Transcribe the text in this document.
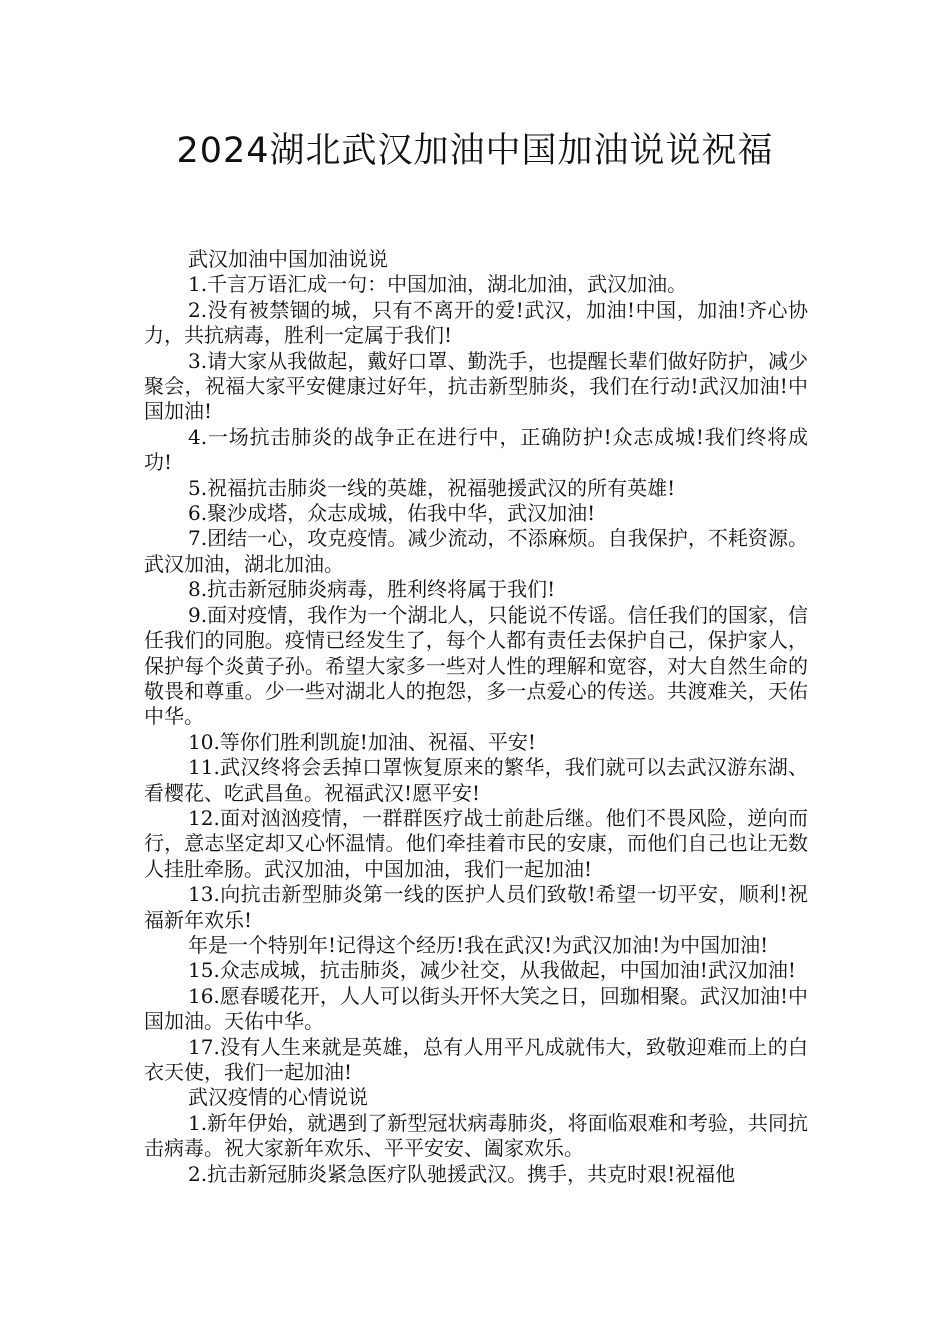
2024湖北武汉加油中国加油说说祝福

武汉加油中国加油说说

1.千言万语汇成一句：中国加油，湖北加油，武汉加油。

2.没有被禁锢的城，只有不离开的爱!武汉，加油!中国，加油!齐心协力，共抗病毒，胜利一定属于我们!

3.请大家从我做起，戴好口罩、勤洗手，也提醒长辈们做好防护，减少聚会，祝福大家平安健康过好年，抗击新型肺炎，我们在行动!武汉加油!中国加油!

4.一场抗击肺炎的战争正在进行中，正确防护!众志成城!我们终将成功!

5.祝福抗击肺炎一线的英雄，祝福驰援武汉的所有英雄!

6.聚沙成塔，众志成城，佑我中华，武汉加油!

7.团结一心，攻克疫情。减少流动，不添麻烦。自我保护，不耗资源。武汉加油，湖北加油。

8.抗击新冠肺炎病毒，胜利终将属于我们!

9.面对疫情，我作为一个湖北人，只能说不传谣。信任我们的国家，信任我们的同胞。疫情已经发生了，每个人都有责任去保护自己，保护家人，保护每个炎黄子孙。希望大家多一些对人性的理解和宽容，对大自然生命的敬畏和尊重。少一些对湖北人的抱怨，多一点爱心的传送。共渡难关，天佑中华。

10.等你们胜利凯旋!加油、祝福、平安!

11.武汉终将会丢掉口罩恢复原来的繁华，我们就可以去武汉游东湖、看樱花、吃武昌鱼。祝福武汉!愿平安!

12.面对汹汹疫情，一群群医疗战士前赴后继。他们不畏风险，逆向而行，意志坚定却又心怀温情。他们牵挂着市民的安康，而他们自己也让无数人挂肚牵肠。武汉加油，中国加油，我们一起加油!

13.向抗击新型肺炎第一线的医护人员们致敬!希望一切平安，顺利!祝福新年欢乐!

年是一个特别年!记得这个经历!我在武汉!为武汉加油!为中国加油!

15.众志成城，抗击肺炎，减少社交，从我做起，中国加油!武汉加油!

16.愿春暖花开，人人可以街头开怀大笑之日，回珈相聚。武汉加油!中国加油。天佑中华。

17.没有人生来就是英雄，总有人用平凡成就伟大，致敬迎难而上的白衣天使，我们一起加油!

武汉疫情的心情说说

1.新年伊始，就遇到了新型冠状病毒肺炎，将面临艰难和考验，共同抗击病毒。祝大家新年欢乐、平平安安、阖家欢乐。

2.抗击新冠肺炎紧急医疗队驰援武汉。携手，共克时艰!祝福他
